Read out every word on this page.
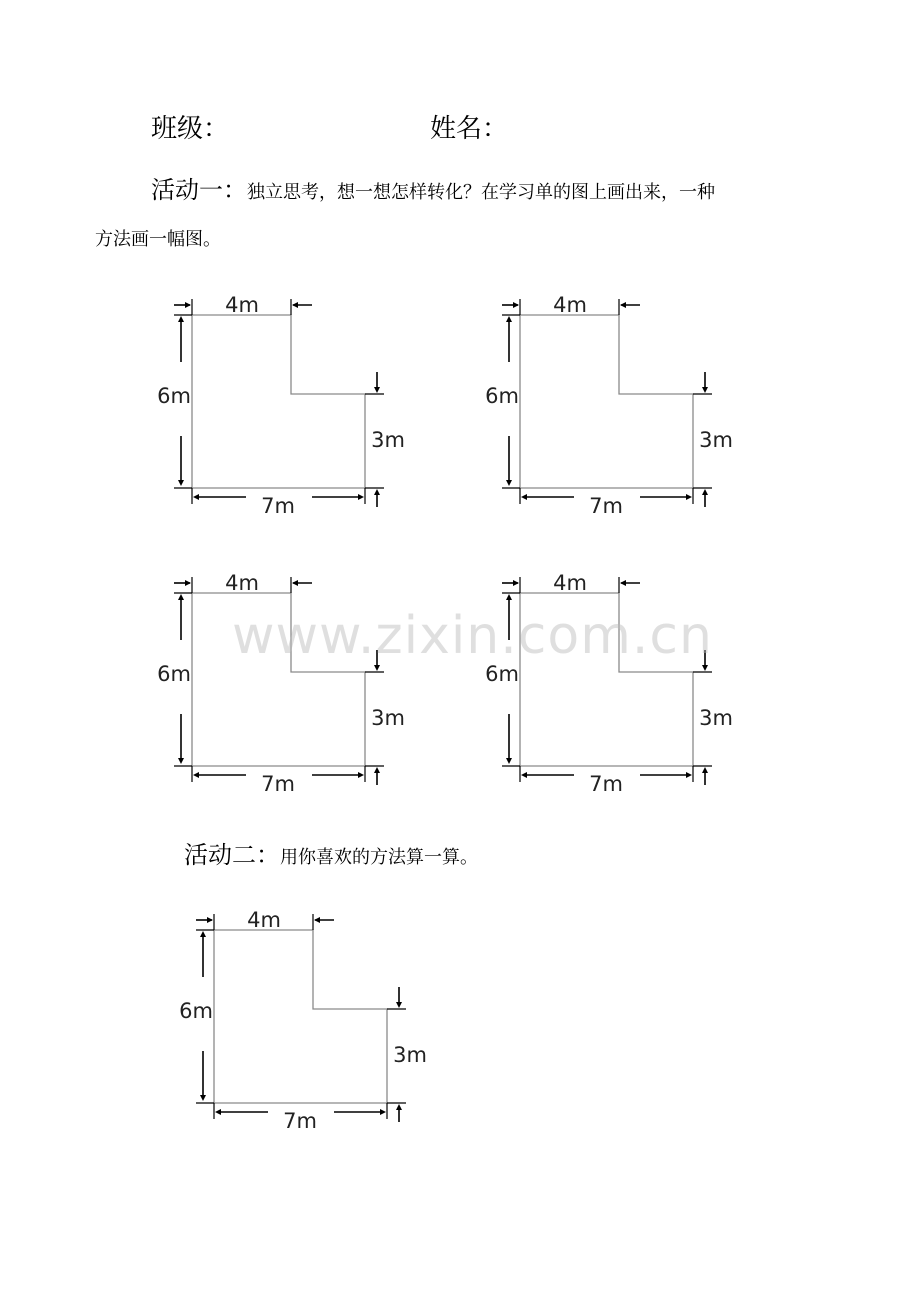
班级：	姓名：
活动一：独立思考，想一想怎样转化？在学习单的图上画出来，一种
方法画一幅图。
4m
6m
3m
7m
4m
6m
3m
7m
4m
6m
3m
7m
4m
6m
3m
7m
www.zixin.com.cn
活动二：用你喜欢的方法算一算。
4m
6m
3m
7m
